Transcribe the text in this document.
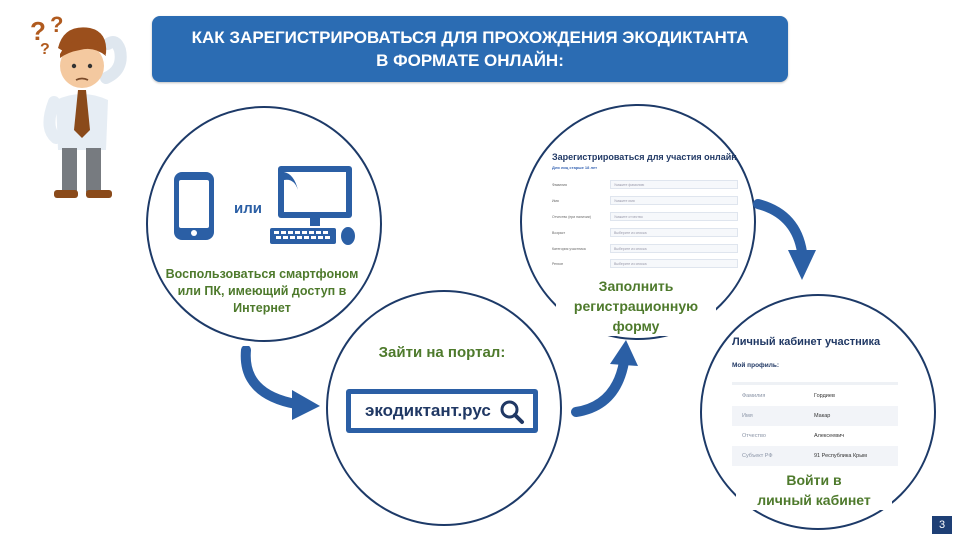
? ?
?
КАК ЗАРЕГИСТРИРОВАТЬСЯ ДЛЯ ПРОХОЖДЕНИЯ ЭКОДИКТАНТА
В ФОРМАТЕ ОНЛАЙН:
или
Воспользоваться смартфоном
или ПК, имеющий доступ в
Интернет
Зайти на портал:
экодиктант.рус
Зарегистрироваться для участия онлайн
Для лиц старше 18 лет
Фамилия	Укажите фамилию
Имя	Укажите имя
Отчество (при наличии)	Укажите отчество
Возраст	Выберите из списка
Категория участника	Выберите из списка
Регион	Выберите из списка
Заполнить
регистрационную
форму
Личный кабинет участника
Мой профиль:
Фамилия	Гордиев
Имя	Макар
Отчество	Алексеевич
Субъект РФ	91 Республика Крым
Войти в
личный кабинет
3
